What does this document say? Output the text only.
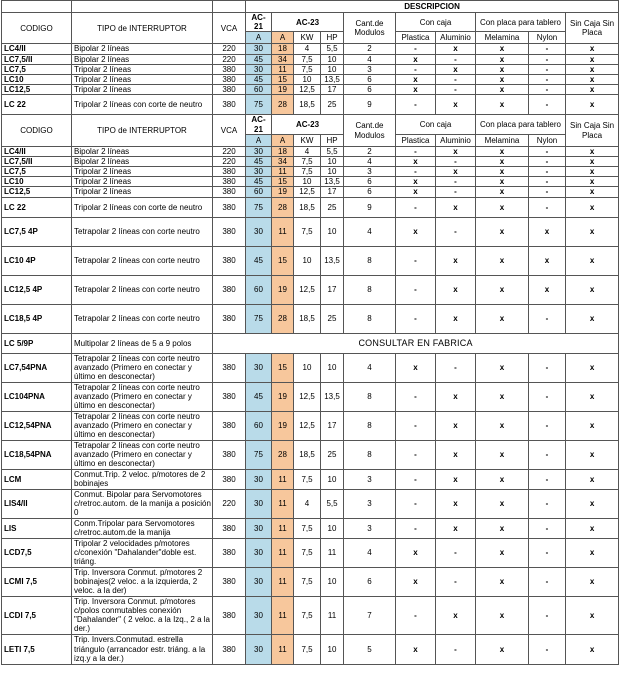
			DESCRIPCION									
CODIGO	TIPO de INTERRUPTOR	VCA	AC-21	AC-23			Cant.de Modulos	Con caja		Con placa para tablero		Sin Caja Sin Placa
			A	A	KW	HP		Plastica	Aluminio	Melamina	Nylon	
LC4/II	Bipolar 2 líneas	220	30	18	4	5,5	2	-	x	x	-	x
LC7,5/II	Bipolar 2 líneas	220	45	34	7,5	10	4	x	-	x	-	x
LC7,5	Tripolar 2 líneas	380	30	11	7,5	10	3	-	x	x	-	x
LC10	Tripolar 2 líneas	380	45	15	10	13,5	6	x	-	x	-	x
LC12,5	Tripolar 2 líneas	380	60	19	12,5	17	6	x	-	x	-	x
LC 22	Tripolar 2 líneas con corte de neutro	380	75	28	18,5	25	9	-	x	x	-	x
CODIGO	TIPO de INTERRUPTOR	VCA	AC-21	AC-23			Cant.de Modulos	Con caja		Con placa para tablero		Sin Caja Sin Placa
			A	A	KW	HP		Plastica	Aluminio	Melamina	Nylon	
LC4/II	Bipolar 2 líneas	220	30	18	4	5,5	2	-	x	x	-	x
LC7,5/II	Bipolar 2 líneas	220	45	34	7,5	10	4	x	-	x	-	x
LC7,5	Tripolar 2 líneas	380	30	11	7,5	10	3	-	x	x	-	x
LC10	Tripolar 2 líneas	380	45	15	10	13,5	6	x	-	x	-	x
LC12,5	Tripolar 2 líneas	380	60	19	12,5	17	6	x	-	x	-	x
LC 22	Tripolar 2 líneas con corte de neutro	380	75	28	18,5	25	9	-	x	x	-	x
LC7,5 4P	Tetrapolar 2 líneas con corte neutro	380	30	11	7,5	10	4	x	-	x	x	x
LC10 4P	Tetrapolar 2 líneas con corte neutro	380	45	15	10	13,5	8	-	x	x	x	x
LC12,5 4P	Tetrapolar 2 líneas con corte neutro	380	60	19	12,5	17	8	-	x	x	x	x
LC18,5 4P	Tetrapolar 2 líneas con corte neutro	380	75	28	18,5	25	8	-	x	x	-	x
LC 5/9P	Multipolar 2 líneas de 5 a 9 polos	CONSULTAR EN FABRICA										
LC7,54PNA	Tetrapolar 2 líneas con corte neutro avanzado (Primero en conectar y último en desconectar)	380	30	15	10	10	4	x	-	x	-	x
LC104PNA	Tetrapolar 2 líneas con corte neutro avanzado (Primero en conectar y último en desconectar)	380	45	19	12,5	13,5	8	-	x	x	-	x
LC12,54PNA	Tetrapolar 2 líneas con corte neutro avanzado (Primero en conectar y último en desconectar)	380	60	19	12,5	17	8	-	x	x	-	x
LC18,54PNA	Tetrapolar 2 líneas con corte neutro avanzado (Primero en conectar y último en desconectar)	380	75	28	18,5	25	8	-	x	x	-	x
LCM	Conmut.Trip. 2 veloc. p/motores de 2 bobinajes	380	30	11	7,5	10	3	-	x	x	-	x
LIS4/II	Conmut. Bipolar para Servomotores c/retroc.autom. de la manija a posición 0	220	30	11	4	5,5	3	-	x	x	-	x
LIS	Conm.Tripolar para Servomotores c/retroc.autom.de la manija	380	30	11	7,5	10	3	-	x	x	-	x
LCD7,5	Tripolar 2 velocidades p/motores c/conexión "Dahalander"doble est. triáng.	380	30	11	7,5	11	4	x	-	x	-	x
LCMI 7,5	Trip. Inversora Conmut. p/motores 2 bobinajes(2 veloc. a la izquierda, 2 veloc. a la der)	380	30	11	7,5	10	6	x	-	x	-	x
LCDI 7,5	Trip. Inversora Conmut. p/motores c/polos conmutables conexión "Dahalander" ( 2 veloc. a la Izq., 2 a la der.)	380	30	11	7,5	11	7	-	x	x	-	x
LETI 7,5	Trip. Invers.Conmutad. estrella triángulo (arrancador estr. triáng. a la izq.y a la der.)	380	30	11	7,5	10	5	x	-	x	-	x
